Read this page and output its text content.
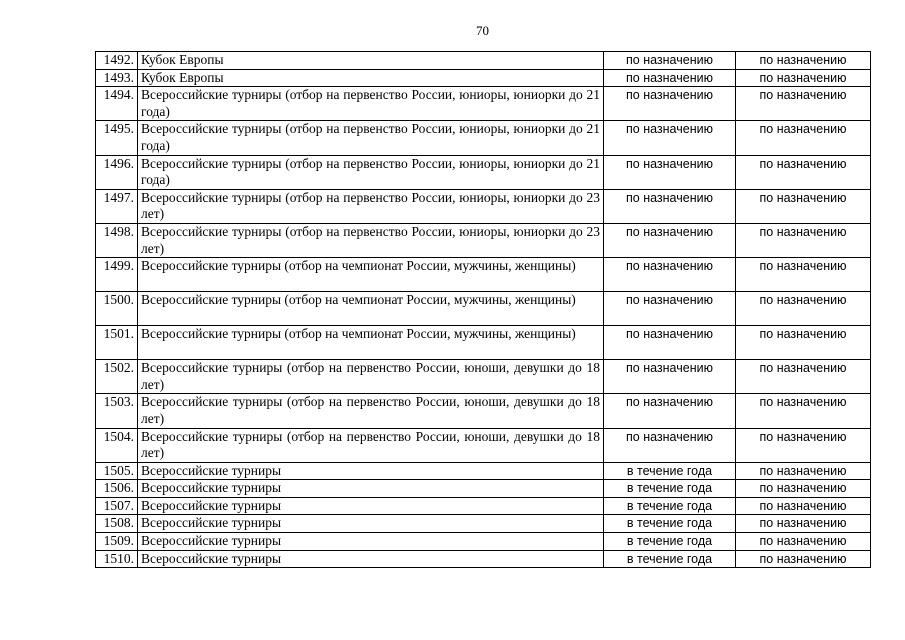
70
1492.	Кубок Европы	по назначению	по назначению
1493.	Кубок Европы	по назначению	по назначению
1494.	Всероссийские турниры (отбор на первенство России, юниоры, юниорки до 21 года)	по назначению	по назначению
1495.	Всероссийские турниры (отбор на первенство России, юниоры, юниорки до 21 года)	по назначению	по назначению
1496.	Всероссийские турниры (отбор на первенство России, юниоры, юниорки до 21 года)	по назначению	по назначению
1497.	Всероссийские турниры (отбор на первенство России, юниоры, юниорки до 23 лет)	по назначению	по назначению
1498.	Всероссийские турниры (отбор на первенство России, юниоры, юниорки до 23 лет)	по назначению	по назначению
1499.	Всероссийские турниры (отбор на чемпионат России, мужчины, женщины)	по назначению	по назначению
1500.	Всероссийские турниры (отбор на чемпионат России, мужчины, женщины)	по назначению	по назначению
1501.	Всероссийские турниры (отбор на чемпионат России, мужчины, женщины)	по назначению	по назначению
1502.	Всероссийские турниры (отбор на первенство России, юноши, девушки до 18 лет)	по назначению	по назначению
1503.	Всероссийские турниры (отбор на первенство России, юноши, девушки до 18 лет)	по назначению	по назначению
1504.	Всероссийские турниры (отбор на первенство России, юноши, девушки до 18 лет)	по назначению	по назначению
1505.	Всероссийские турниры	в течение года	по назначению
1506.	Всероссийские турниры	в течение года	по назначению
1507.	Всероссийские турниры	в течение года	по назначению
1508.	Всероссийские турниры	в течение года	по назначению
1509.	Всероссийские турниры	в течение года	по назначению
1510.	Всероссийские турниры	в течение года	по назначению
